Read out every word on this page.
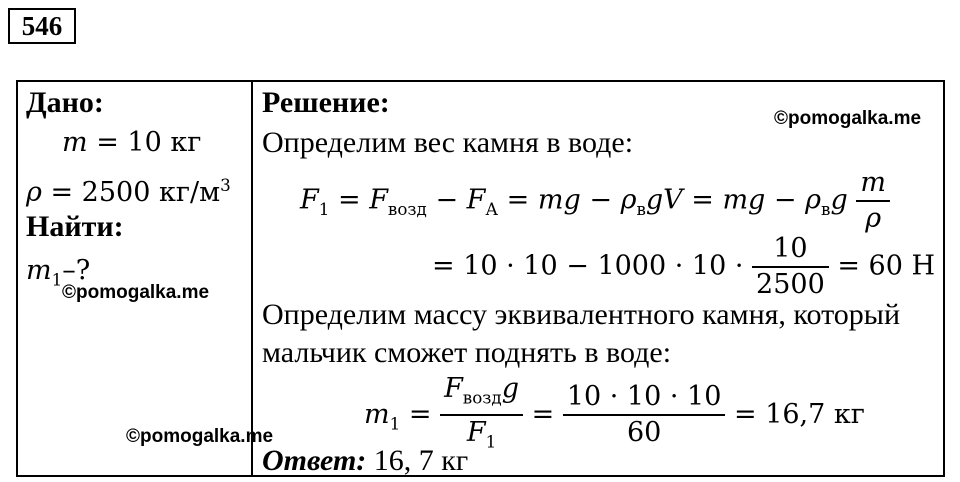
546
Дано:
m = 10 кг
ρ = 2500 $кг/м^3$
Найти:
$m_1-$?
©pomogalka.me
©pomogalka.me
Решение:	©pomogalka.me
Определим вес камня в воде:
$F_1 = F_{возд} - F_А$ = mg − $\rho_вgV$ = mg − $\rho_вg \frac{m}{\rho}$
= $10 \cdot 10 - 1000 \cdot 10 \cdot \frac{10}{2500} = 60$ Н
Определим массу эквивалентного камня, который
мальчик сможет поднять в воде:
$m_1 = \frac{F_{возд}g}{F_1} = \frac{10 \cdot 10 \cdot 10}{60} = 16,7$ кг
Ответ: 16, 7 кг
